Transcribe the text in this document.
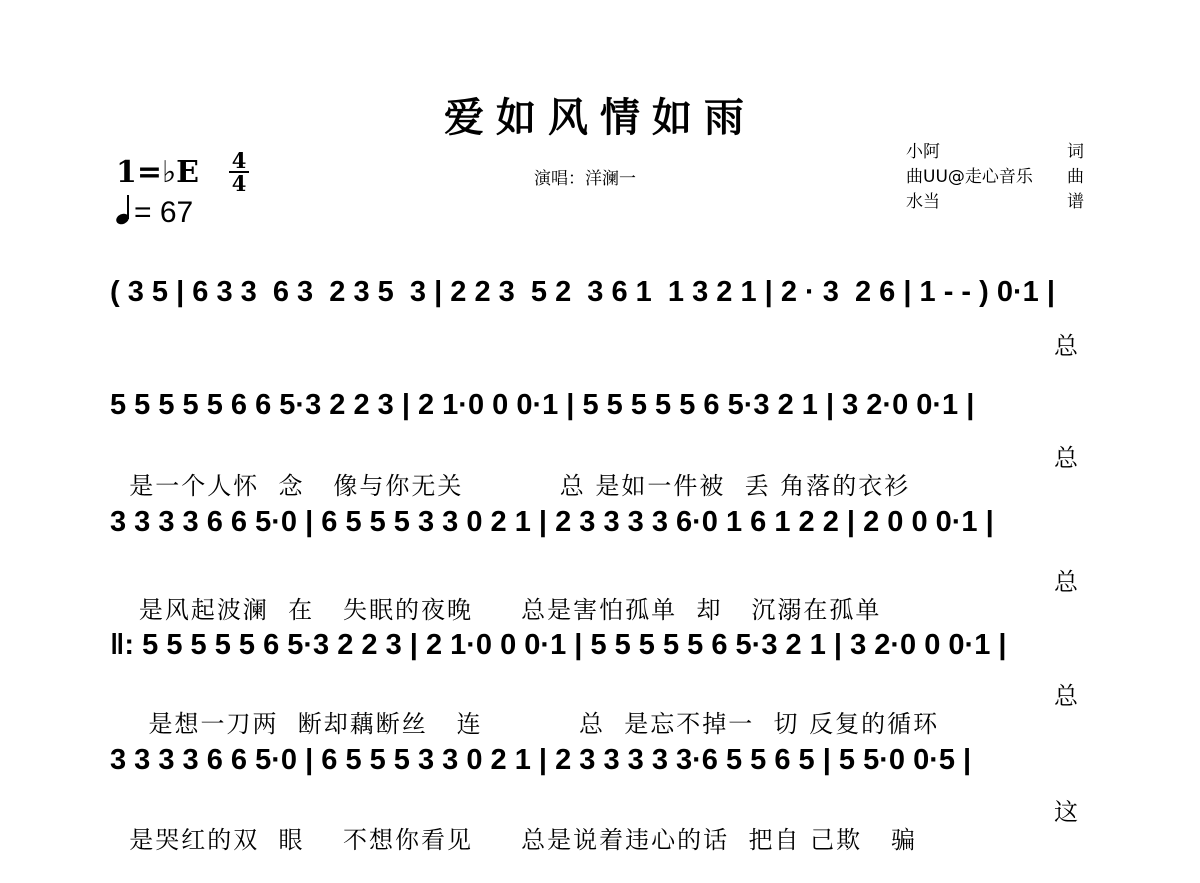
爱如风情如雨
1=♭E 4
4
= 67
演唱：洋澜一
小阿	词
曲UU@走心音乐 曲
水当	谱
( 3 5 | 6 3 3  6 3  2 3 5  3 | 2 2 3  5 2  3 6 1  1 3 2 1 | 2 · 3  2 6 | 1 - - ) 0·1 |

总

5 5 5 5 5 6 6 5·3 2 2 3 | 2 1·0 0 0·1 | 5 5 5 5 5 6 5·3 2 1 | 3 2·0 0·1 |

是一个人怀  念   像与你无关          总 是如一件被  丢 角落的衣衫

总

3 3 3 3 6 6 5·0 | 6 5 5 5 3 3 0 2 1 | 2 3 3 3 3 6·0 1 6 1 2 2 | 2 0 0 0·1 |

是风起波澜  在   失眠的夜晚     总是害怕孤单  却   沉溺在孤单

总

‖: 5 5 5 5 5 6 5·3 2 2 3 | 2 1·0 0 0·1 | 5 5 5 5 5 6 5·3 2 1 | 3 2·0 0 0·1 |

是想一刀两  断却藕断丝   连          总  是忘不掉一  切 反复的循环

总

3 3 3 3 6 6 5·0 | 6 5 5 5 3 3 0 2 1 | 2 3 3 3 3 3·6 5 5 6 5 | 5 5·0 0·5 |

是哭红的双  眼    不想你看见     总是说着违心的话  把自 己欺   骗

这
